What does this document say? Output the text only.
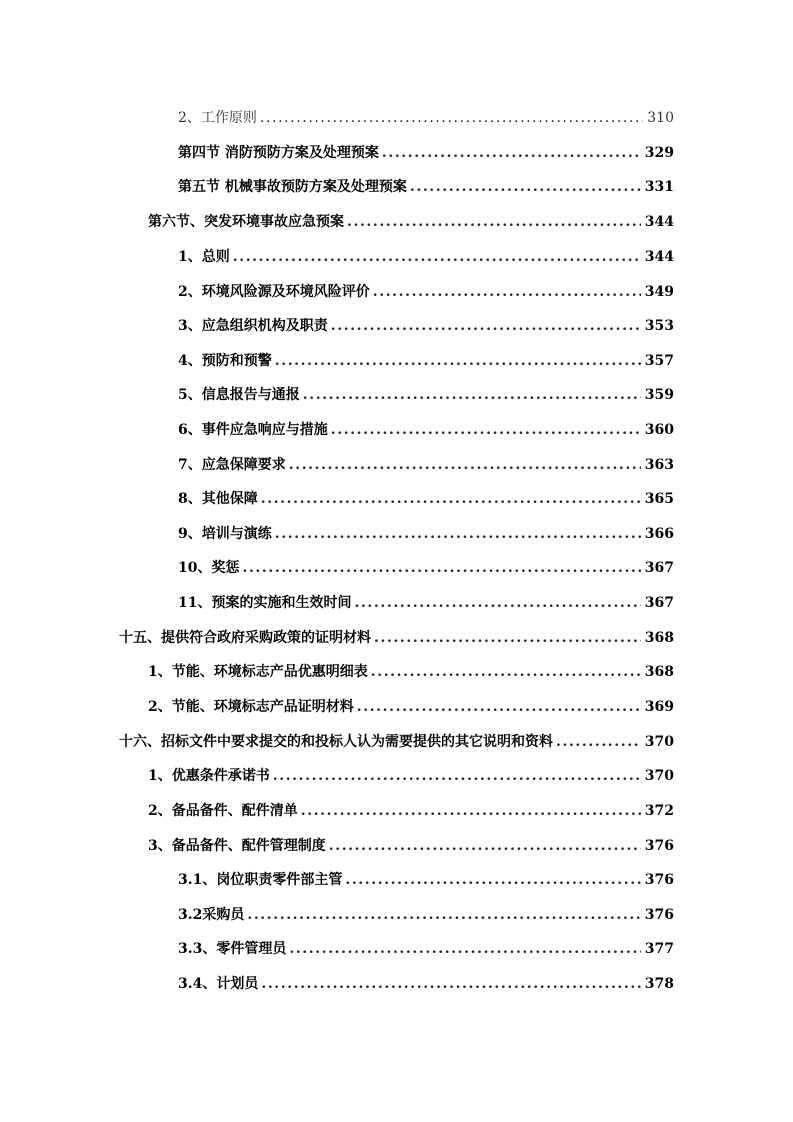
2、工作原则 .....	310
第四节 消防预防方案及处理预案 .....	329
第五节 机械事故预防方案及处理预案 .....	331
第六节、突发环境事故应急预案 .....	344
1、总则 .....	344
2、环境风险源及环境风险评价 .....	349
3、应急组织机构及职责 .....	353
4、预防和预警 .....	357
5、信息报告与通报 .....	359
6、事件应急响应与措施 .....	360
7、应急保障要求 .....	363
8、其他保障 .....	365
9、培训与演练 .....	366
10、奖惩 .....	367
11、预案的实施和生效时间 .....	367
十五、提供符合政府采购政策的证明材料 .....	368
1、节能、环境标志产品优惠明细表 .....	368
2、节能、环境标志产品证明材料 .....	369
十六、招标文件中要求提交的和投标人认为需要提供的其它说明和资料 .....	370
1、优惠条件承诺书 .....	370
2、备品备件、配件清单 .....	372
3、备品备件、配件管理制度 .....	376
3.1、岗位职责零件部主管 .....	376
3.2采购员 .....	376
3.3、零件管理员 .....	377
3.4、计划员 .....	378
